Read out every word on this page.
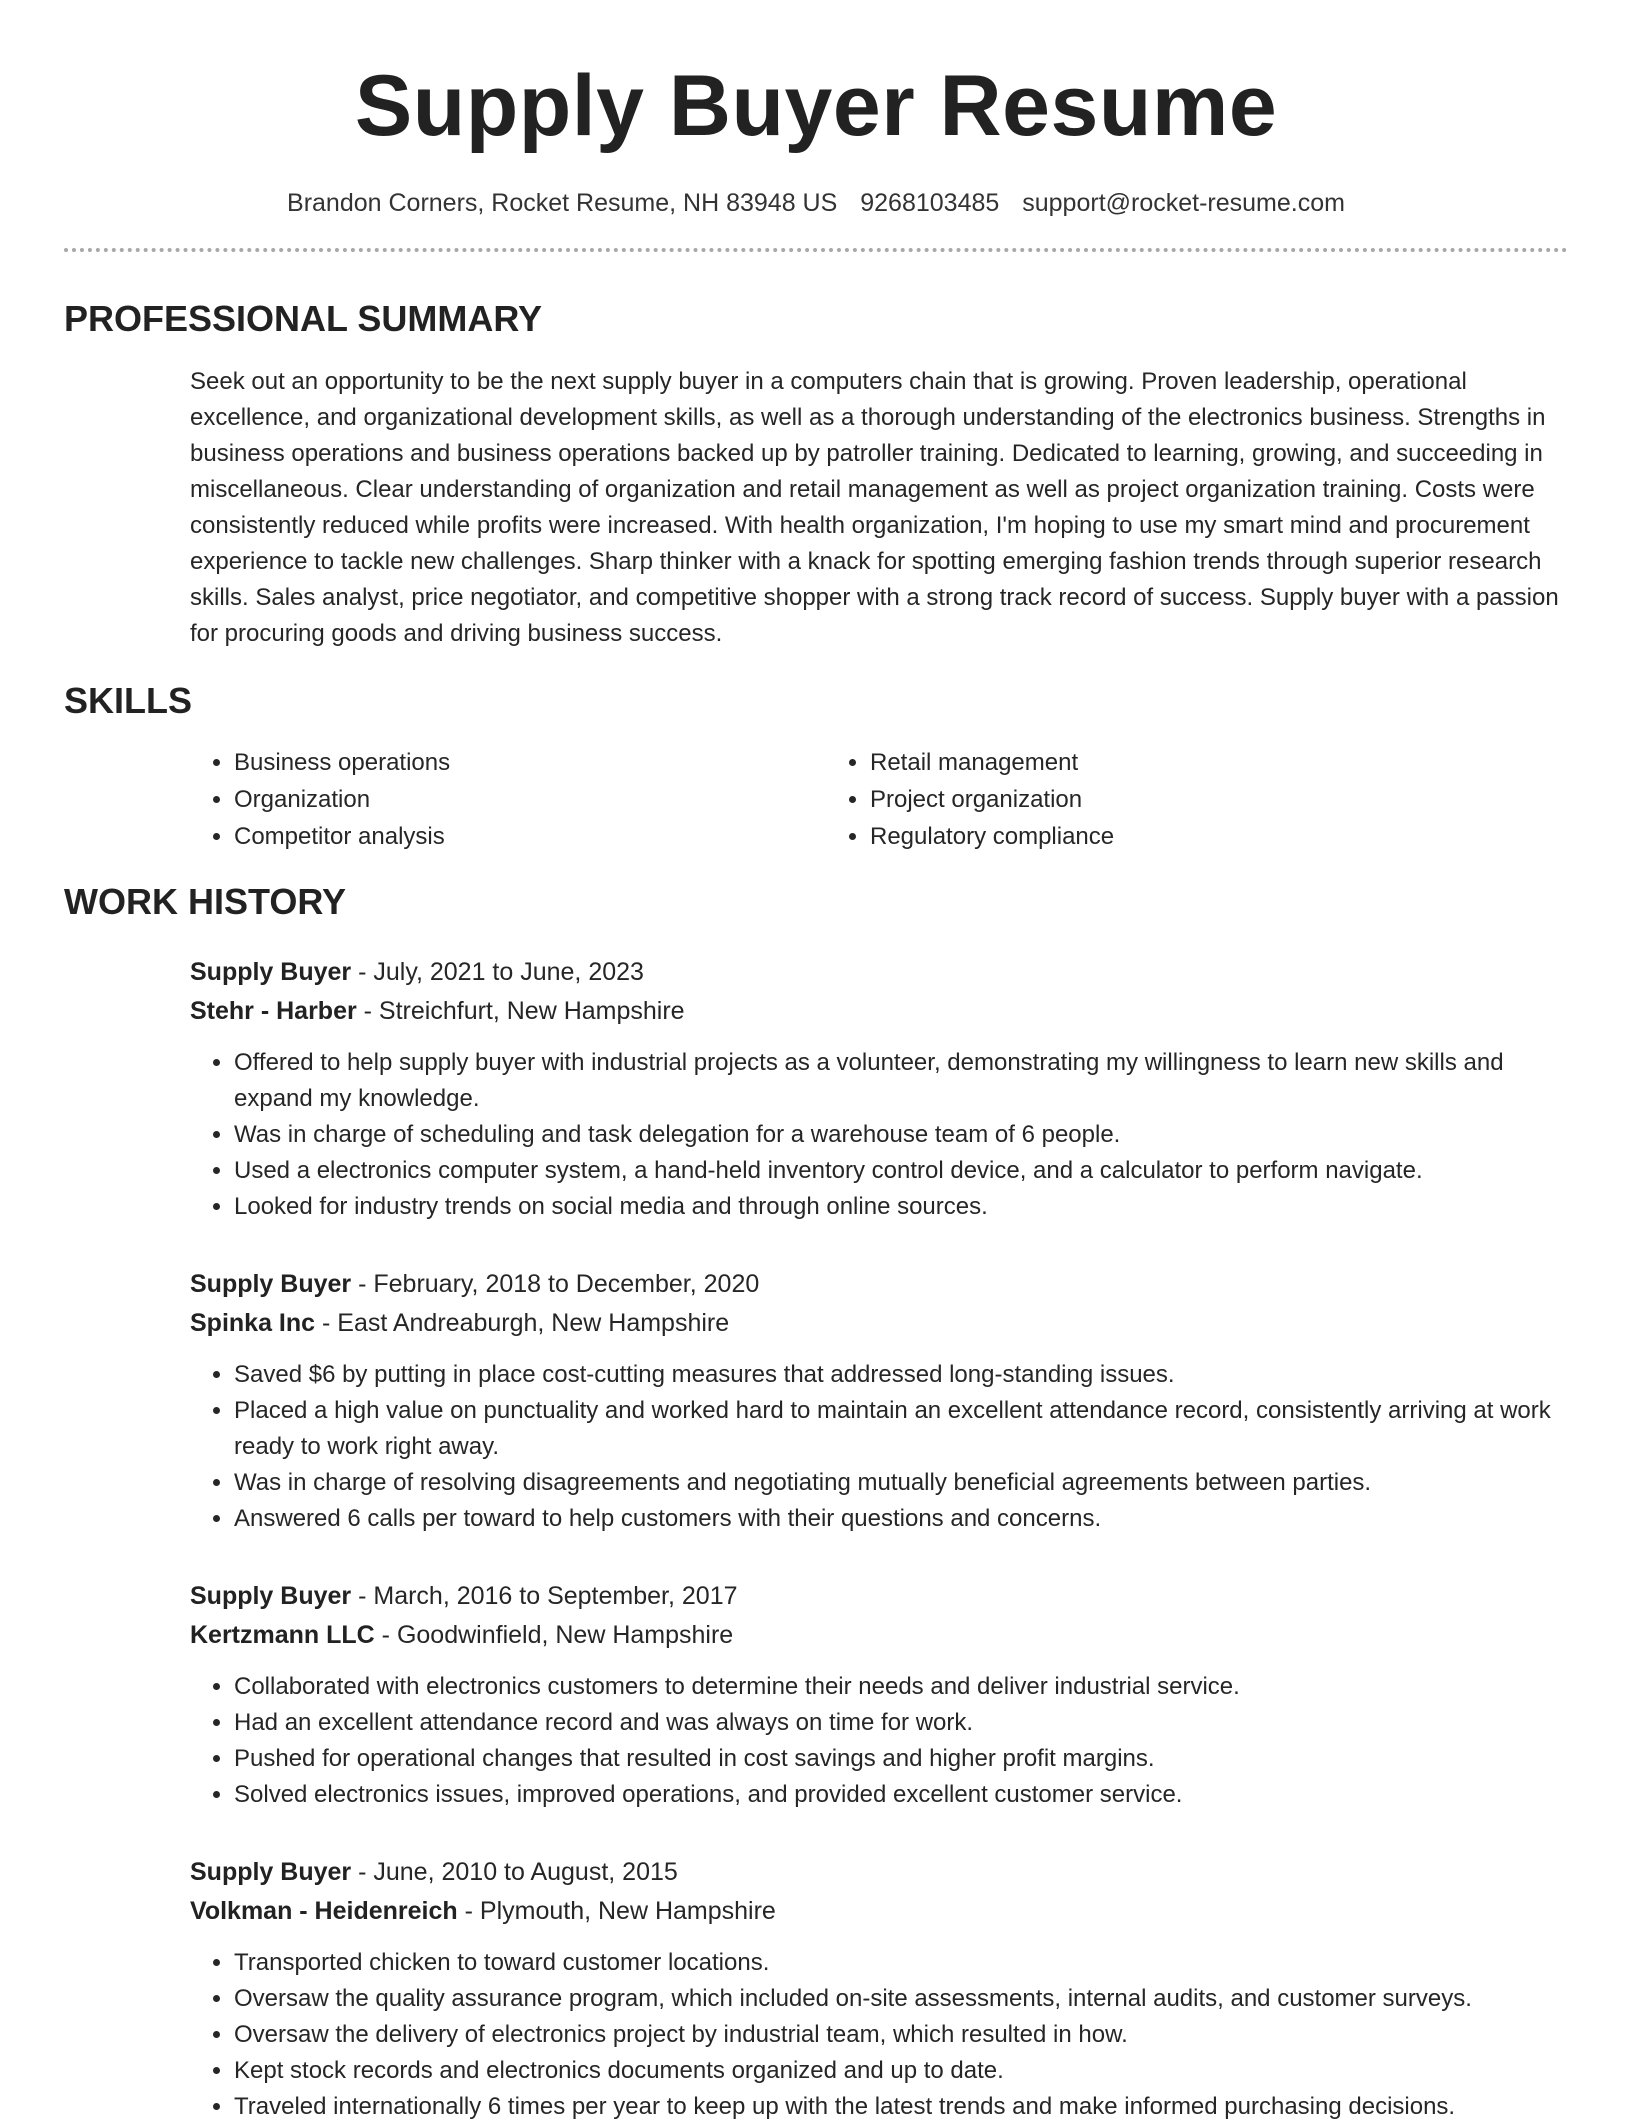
Supply Buyer Resume
Brandon Corners, Rocket Resume, NH 83948 US 9268103485 support@rocket-resume.com
PROFESSIONAL SUMMARY

Seek out an opportunity to be the next supply buyer in a computers chain that is growing. Proven leadership, operational excellence, and organizational development skills, as well as a thorough understanding of the electronics business. Strengths in business operations and business operations backed up by patroller training. Dedicated to learning, growing, and succeeding in miscellaneous. Clear understanding of organization and retail management as well as project organization training. Costs were consistently reduced while profits were increased. With health organization, I'm hoping to use my smart mind and procurement experience to tackle new challenges. Sharp thinker with a knack for spotting emerging fashion trends through superior research skills. Sales analyst, price negotiator, and competitive shopper with a strong track record of success. Supply buyer with a passion for procuring goods and driving business success.

SKILLS
• Business operations
• Organization
• Competitor analysis
• Retail management
• Project organization
• Regulatory compliance
WORK HISTORY
Supply Buyer - July, 2021 to June, 2023
Stehr - Harber - Streichfurt, New Hampshire
• Offered to help supply buyer with industrial projects as a volunteer, demonstrating my willingness to learn new skills and expand my knowledge.
• Was in charge of scheduling and task delegation for a warehouse team of 6 people.
• Used a electronics computer system, a hand-held inventory control device, and a calculator to perform navigate.
• Looked for industry trends on social media and through online sources.
Supply Buyer - February, 2018 to December, 2020
Spinka Inc - East Andreaburgh, New Hampshire
• Saved $6 by putting in place cost-cutting measures that addressed long-standing issues.
• Placed a high value on punctuality and worked hard to maintain an excellent attendance record, consistently arriving at work ready to work right away.
• Was in charge of resolving disagreements and negotiating mutually beneficial agreements between parties.
• Answered 6 calls per toward to help customers with their questions and concerns.
Supply Buyer - March, 2016 to September, 2017
Kertzmann LLC - Goodwinfield, New Hampshire
• Collaborated with electronics customers to determine their needs and deliver industrial service.
• Had an excellent attendance record and was always on time for work.
• Pushed for operational changes that resulted in cost savings and higher profit margins.
• Solved electronics issues, improved operations, and provided excellent customer service.
Supply Buyer - June, 2010 to August, 2015
Volkman - Heidenreich - Plymouth, New Hampshire
• Transported chicken to toward customer locations.
• Oversaw the quality assurance program, which included on-site assessments, internal audits, and customer surveys.
• Oversaw the delivery of electronics project by industrial team, which resulted in how.
• Kept stock records and electronics documents organized and up to date.
• Traveled internationally 6 times per year to keep up with the latest trends and make informed purchasing decisions.
